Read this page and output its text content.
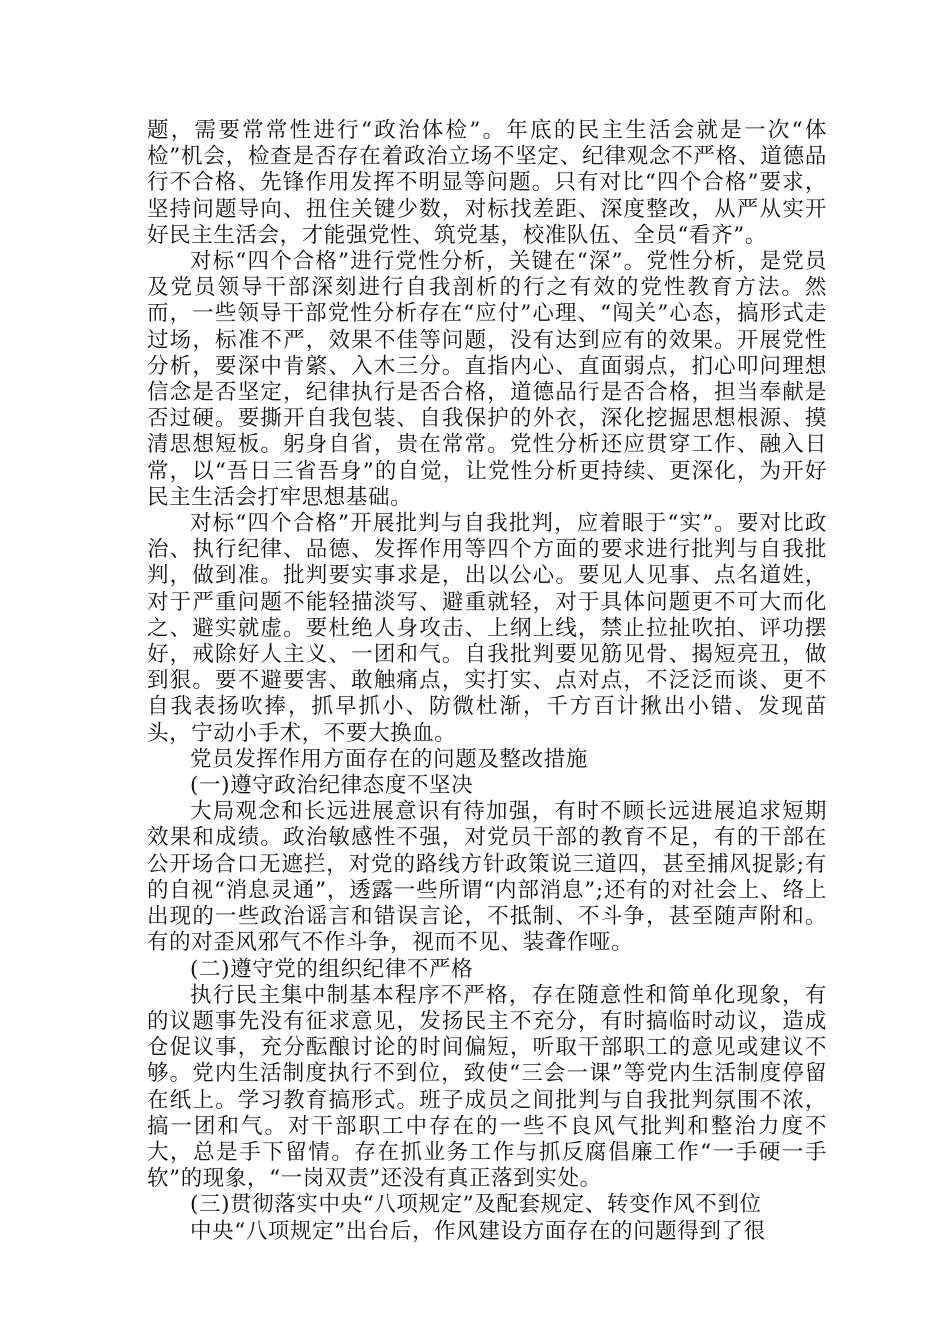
题，需要常常性进行“政治体检”。年底的民主生活会就是一次“体检”机会，检查是否存在着政治立场不坚定、纪律观念不严格、道德品行不合格、先锋作用发挥不明显等问题。只有对比“四个合格”要求，坚持问题导向、扭住关键少数，对标找差距、深度整改，从严从实开好民主生活会，才能强党性、筑党基，校准队伍、全员“看齐”。

对标“四个合格”进行党性分析，关键在“深”。党性分析，是党员及党员领导干部深刻进行自我剖析的行之有效的党性教育方法。然而，一些领导干部党性分析存在“应付”心理、“闯关”心态，搞形式走过场，标准不严，效果不佳等问题，没有达到应有的效果。开展党性分析，要深中肯綮、入木三分。直指内心、直面弱点，扪心叩问理想信念是否坚定，纪律执行是否合格，道德品行是否合格，担当奉献是否过硬。要撕开自我包装、自我保护的外衣，深化挖掘思想根源、摸清思想短板。躬身自省，贵在常常。党性分析还应贯穿工作、融入日常，以“吾日三省吾身”的自觉，让党性分析更持续、更深化，为开好民主生活会打牢思想基础。

对标“四个合格”开展批判与自我批判，应着眼于“实”。要对比政治、执行纪律、品德、发挥作用等四个方面的要求进行批判与自我批判，做到准。批判要实事求是，出以公心。要见人见事、点名道姓，对于严重问题不能轻描淡写、避重就轻，对于具体问题更不可大而化之、避实就虚。要杜绝人身攻击、上纲上线，禁止拉扯吹拍、评功摆好，戒除好人主义、一团和气。自我批判要见筋见骨、揭短亮丑，做到狠。要不避要害、敢触痛点，实打实、点对点，不泛泛而谈、更不自我表扬吹捧，抓早抓小、防微杜渐，千方百计揪出小错、发现苗头，宁动小手术，不要大换血。

党员发挥作用方面存在的问题及整改措施

(一)遵守政治纪律态度不坚决

大局观念和长远进展意识有待加强，有时不顾长远进展追求短期效果和成绩。政治敏感性不强，对党员干部的教育不足，有的干部在公开场合口无遮拦，对党的路线方针政策说三道四，甚至捕风捉影;有的自视“消息灵通”，透露一些所谓“内部消息”;还有的对社会上、络上出现的一些政治谣言和错误言论，不抵制、不斗争，甚至随声附和。有的对歪风邪气不作斗争，视而不见、装聋作哑。

(二)遵守党的组织纪律不严格

执行民主集中制基本程序不严格，存在随意性和简单化现象，有的议题事先没有征求意见，发扬民主不充分，有时搞临时动议，造成仓促议事，充分酝酿讨论的时间偏短，听取干部职工的意见或建议不够。党内生活制度执行不到位，致使“三会一课”等党内生活制度停留在纸上。学习教育搞形式。班子成员之间批判与自我批判氛围不浓，搞一团和气。对干部职工中存在的一些不良风气批判和整治力度不大，总是手下留情。存在抓业务工作与抓反腐倡廉工作“一手硬一手软”的现象，“一岗双责”还没有真正落到实处。

(三)贯彻落实中央“八项规定”及配套规定、转变作风不到位

中央“八项规定”出台后，作风建设方面存在的问题得到了很
